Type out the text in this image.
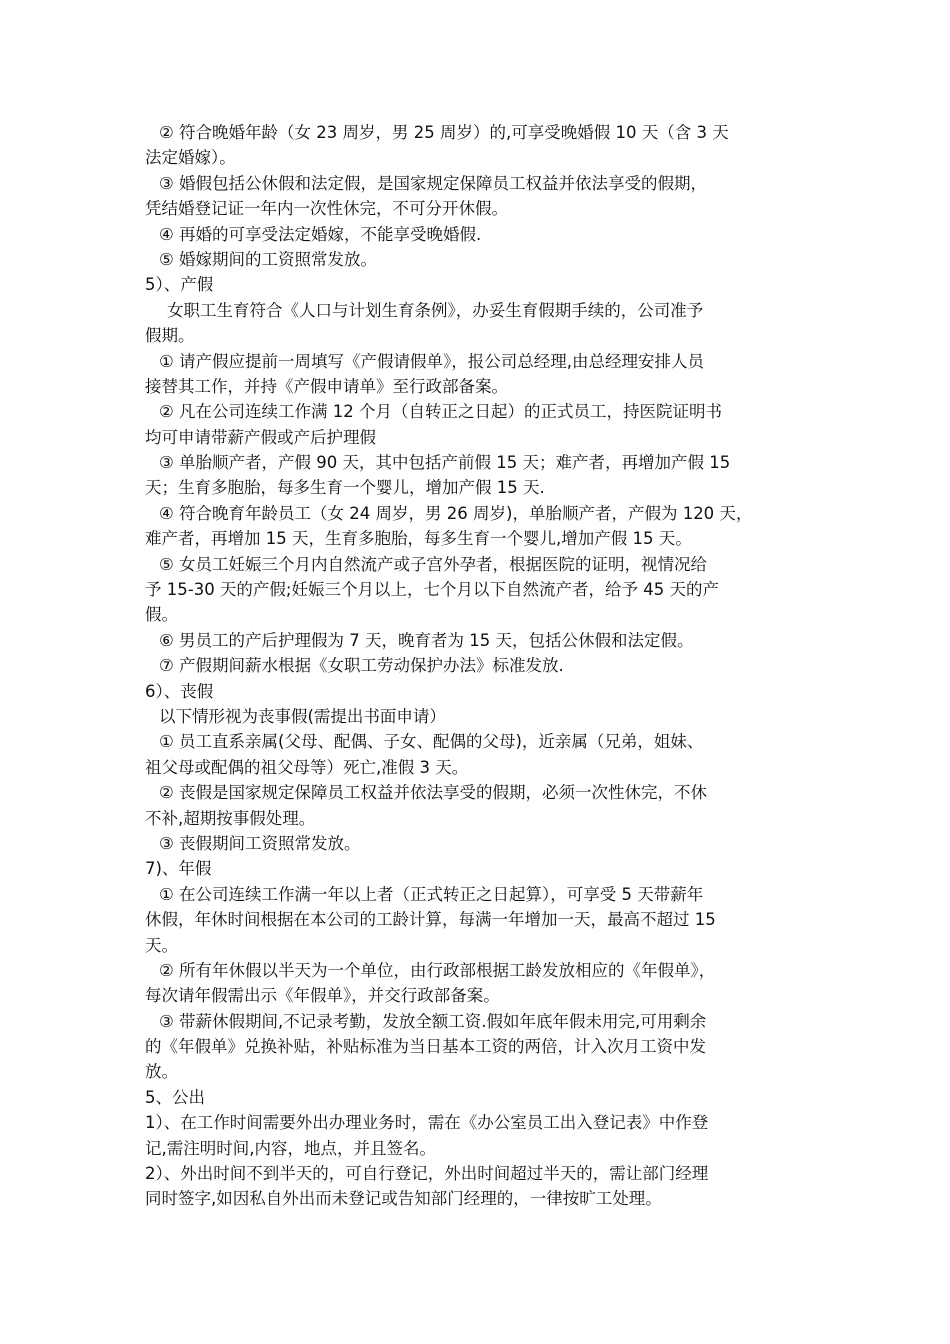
② 符合晚婚年龄（女 23 周岁，男 25 周岁）的,可享受晚婚假 10 天（含 3 天
法定婚嫁）。
③ 婚假包括公休假和法定假，是国家规定保障员工权益并依法享受的假期，
凭结婚登记证一年内一次性休完，不可分开休假。
④ 再婚的可享受法定婚嫁，不能享受晚婚假.
⑤ 婚嫁期间的工资照常发放。
5）、产假
女职工生育符合《人口与计划生育条例》，办妥生育假期手续的，公司准予
假期。
① 请产假应提前一周填写《产假请假单》，报公司总经理,由总经理安排人员
接替其工作，并持《产假申请单》至行政部备案。
② 凡在公司连续工作满 12 个月（自转正之日起）的正式员工，持医院证明书
均可申请带薪产假或产后护理假
③ 单胎顺产者，产假 90 天，其中包括产前假 15 天；难产者，再增加产假 15
天；生育多胞胎，每多生育一个婴儿，增加产假 15 天.
④ 符合晚育年龄员工（女 24 周岁，男 26 周岁)，单胎顺产者，产假为 120 天，
难产者，再增加 15 天，生育多胞胎，每多生育一个婴儿,增加产假 15 天。
⑤ 女员工妊娠三个月内自然流产或子宫外孕者，根据医院的证明，视情况给
予 15-30 天的产假;妊娠三个月以上，七个月以下自然流产者，给予 45 天的产
假。
⑥ 男员工的产后护理假为 7 天，晚育者为 15 天，包括公休假和法定假。
⑦ 产假期间薪水根据《女职工劳动保护办法》标准发放.
6）、丧假
以下情形视为丧事假(需提出书面申请）
① 员工直系亲属(父母、配偶、子女、配偶的父母)，近亲属（兄弟，姐妹、
祖父母或配偶的祖父母等）死亡,准假 3 天。
② 丧假是国家规定保障员工权益并依法享受的假期，必须一次性休完，不休
不补,超期按事假处理。
③ 丧假期间工资照常发放。
7)、年假
① 在公司连续工作满一年以上者（正式转正之日起算），可享受 5 天带薪年
休假，年休时间根据在本公司的工龄计算，每满一年增加一天，最高不超过 15
天。
② 所有年休假以半天为一个单位，由行政部根据工龄发放相应的《年假单》，
每次请年假需出示《年假单》，并交行政部备案。
③ 带薪休假期间,不记录考勤，发放全额工资.假如年底年假未用完,可用剩余
的《年假单》兑换补贴，补贴标准为当日基本工资的两倍，计入次月工资中发
放。
5、公出
1）、在工作时间需要外出办理业务时，需在《办公室员工出入登记表》中作登
记,需注明时间,内容，地点，并且签名。
2）、外出时间不到半天的，可自行登记，外出时间超过半天的，需让部门经理
同时签字,如因私自外出而未登记或告知部门经理的，一律按旷工处理。
